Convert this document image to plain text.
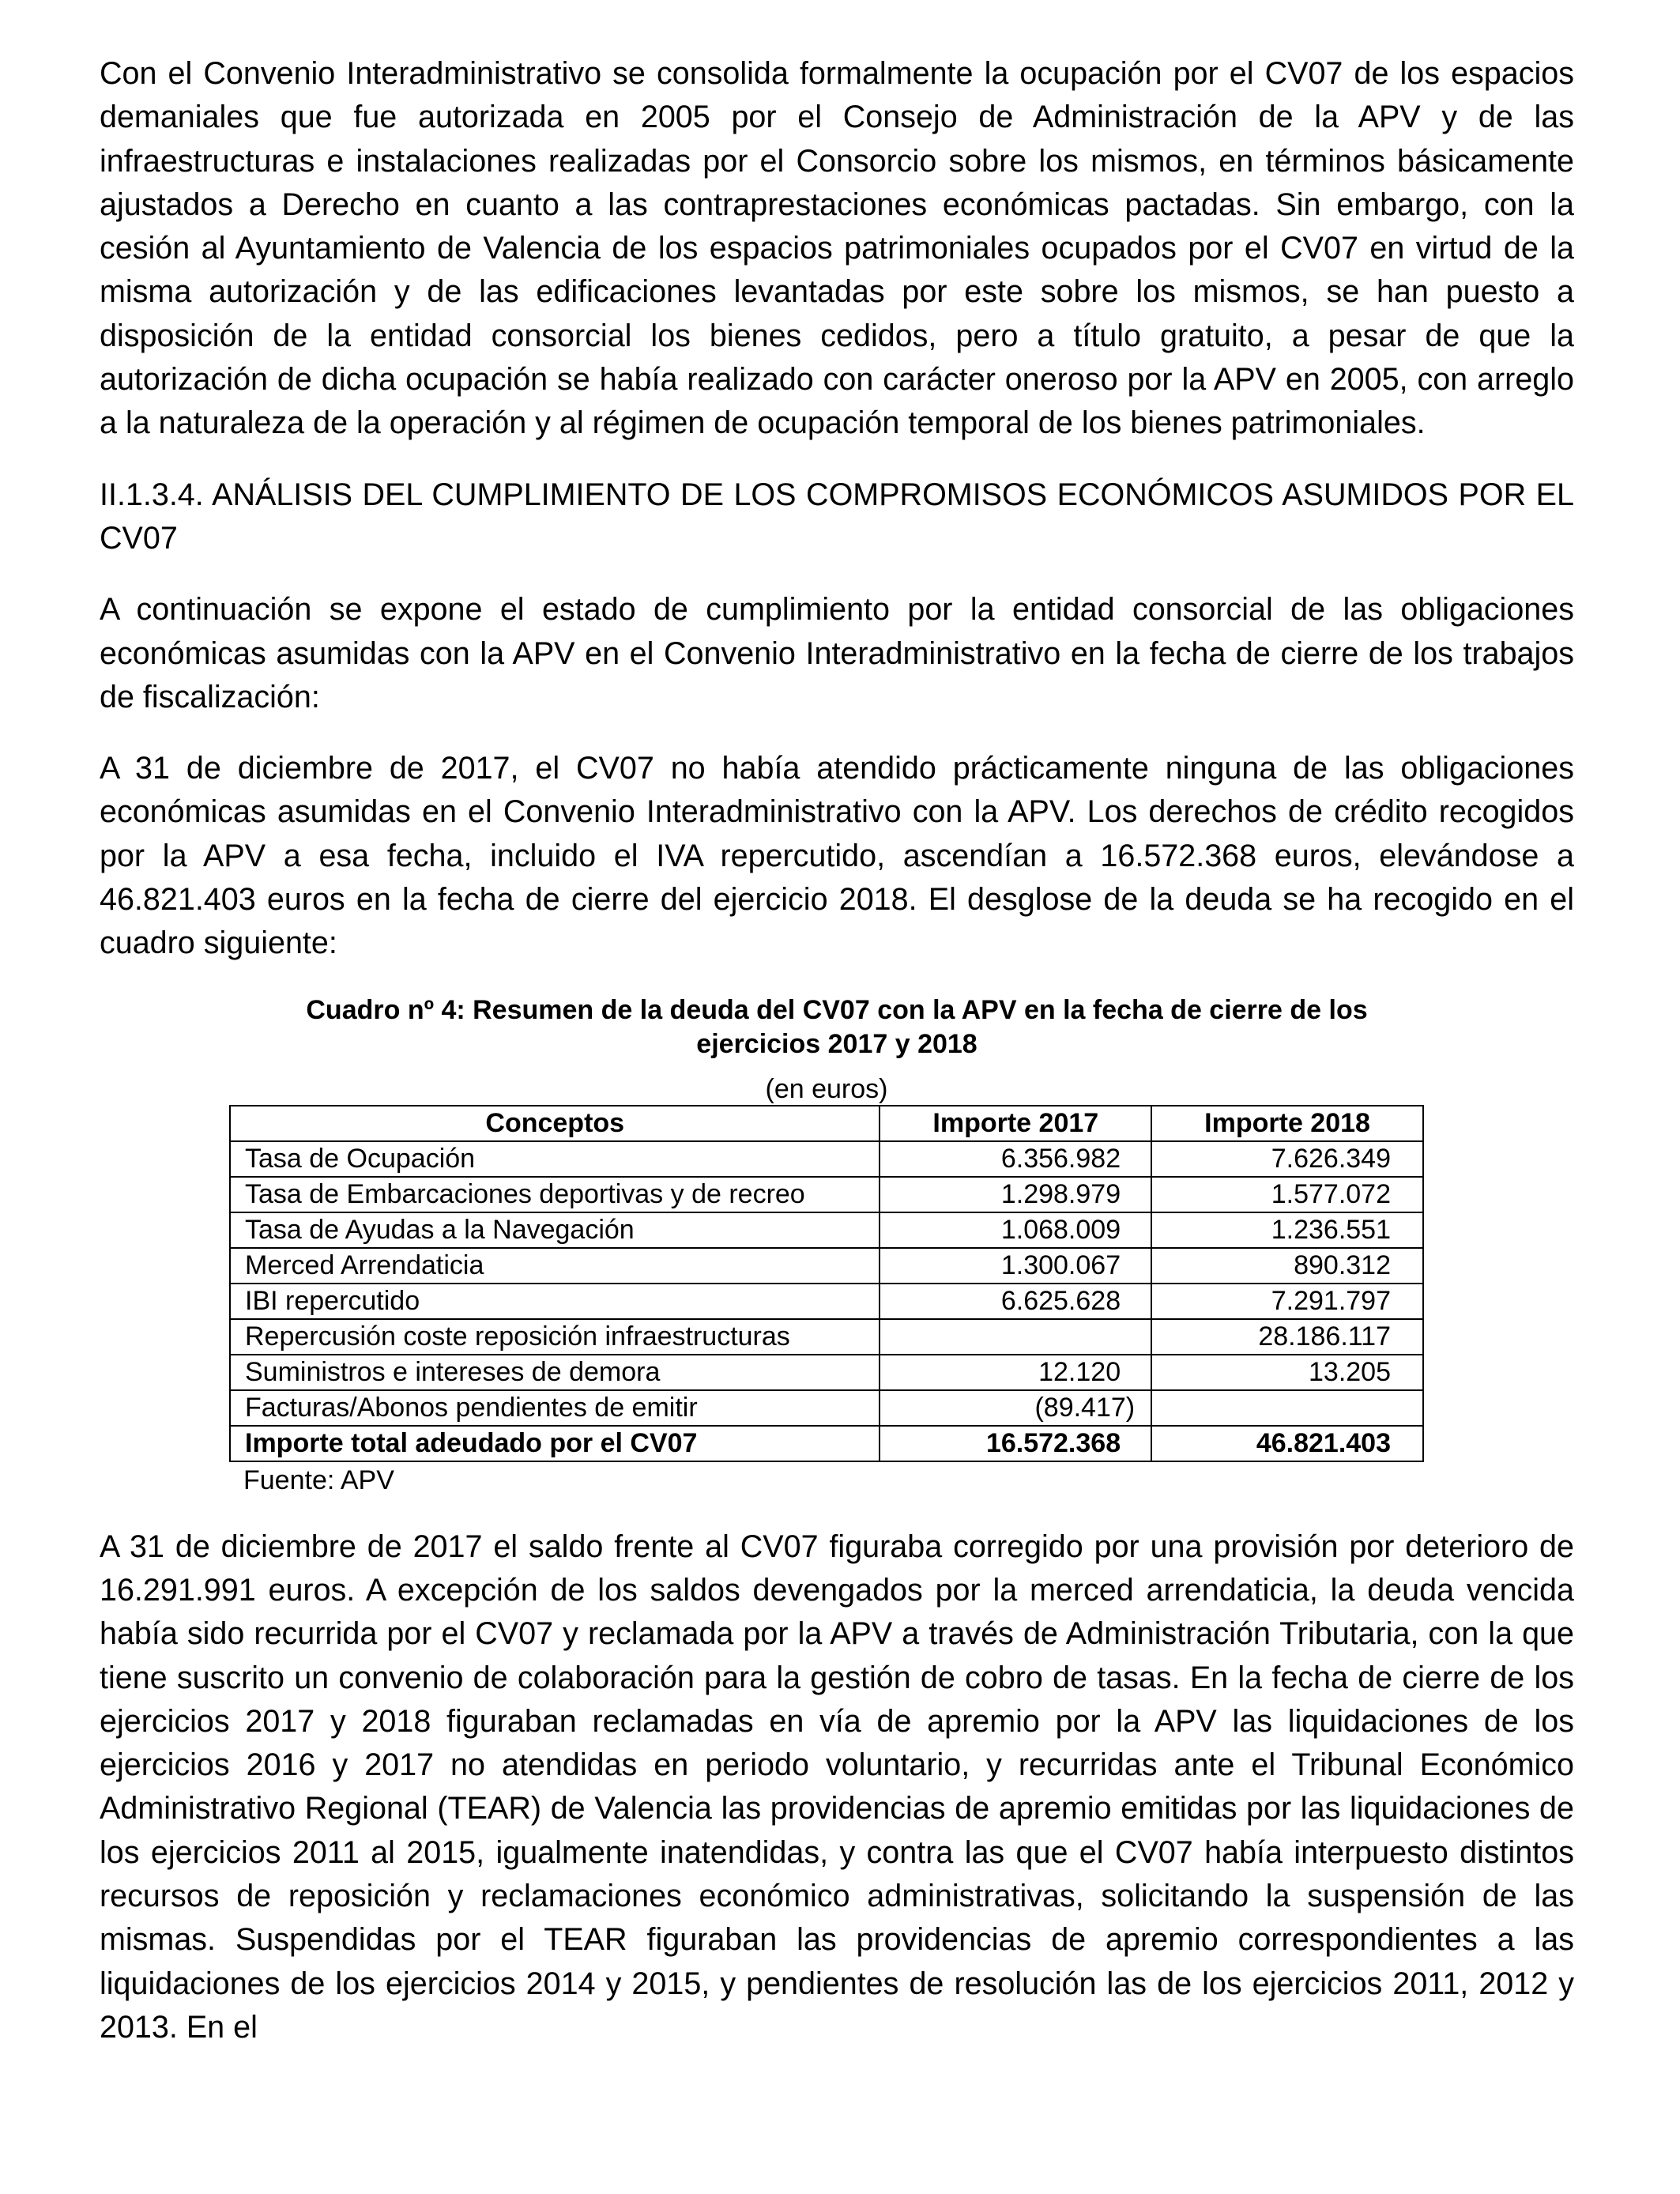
Con el Convenio Interadministrativo se consolida formalmente la ocupación por el CV07 de los espacios demaniales que fue autorizada en 2005 por el Consejo de Administración de la APV y de las infraestructuras e instalaciones realizadas por el Consorcio sobre los mismos, en términos básicamente ajustados a Derecho en cuanto a las contraprestaciones económicas pactadas. Sin embargo, con la cesión al Ayuntamiento de Valencia de los espacios patrimoniales ocupados por el CV07 en virtud de la misma autorización y de las edificaciones levantadas por este sobre los mismos, se han puesto a disposición de la entidad consorcial los bienes cedidos, pero a título gratuito, a pesar de que la autorización de dicha ocupación se había realizado con carácter oneroso por la APV en 2005, con arreglo a la naturaleza de la operación y al régimen de ocupación temporal de los bienes patrimoniales.

II.1.3.4. ANÁLISIS DEL CUMPLIMIENTO DE LOS COMPROMISOS ECONÓMICOS ASUMIDOS POR EL CV07

A continuación se expone el estado de cumplimiento por la entidad consorcial de las obligaciones económicas asumidas con la APV en el Convenio Interadministrativo en la fecha de cierre de los trabajos de fiscalización:

A 31 de diciembre de 2017, el CV07 no había atendido prácticamente ninguna de las obligaciones económicas asumidas en el Convenio Interadministrativo con la APV. Los derechos de crédito recogidos por la APV a esa fecha, incluido el IVA repercutido, ascendían a 16.572.368 euros, elevándose a 46.821.403 euros en la fecha de cierre del ejercicio 2018. El desglose de la deuda se ha recogido en el cuadro siguiente:

Cuadro nº 4: Resumen de la deuda del CV07 con la APV en la fecha de cierre de los
ejercicios 2017 y 2018
(en euros)
Conceptos	Importe 2017	Importe 2018
Tasa de Ocupación	6.356.982	7.626.349
Tasa de Embarcaciones deportivas y de recreo	1.298.979	1.577.072
Tasa de Ayudas a la Navegación	1.068.009	1.236.551
Merced Arrendaticia	1.300.067	890.312
IBI repercutido	6.625.628	7.291.797
Repercusión coste reposición infraestructuras		28.186.117
Suministros e intereses de demora	12.120	13.205
Facturas/Abonos pendientes de emitir	(89.417)	
Importe total adeudado por el CV07	16.572.368	46.821.403
Fuente: APV

A 31 de diciembre de 2017 el saldo frente al CV07 figuraba corregido por una provisión por deterioro de 16.291.991 euros. A excepción de los saldos devengados por la merced arrendaticia, la deuda vencida había sido recurrida por el CV07 y reclamada por la APV a través de Administración Tributaria, con la que tiene suscrito un convenio de colaboración para la gestión de cobro de tasas. En la fecha de cierre de los ejercicios 2017 y 2018 figuraban reclamadas en vía de apremio por la APV las liquidaciones de los ejercicios 2016 y 2017 no atendidas en periodo voluntario, y recurridas ante el Tribunal Económico Administrativo Regional (TEAR) de Valencia las providencias de apremio emitidas por las liquidaciones de los ejercicios 2011 al 2015, igualmente inatendidas, y contra las que el CV07 había interpuesto distintos recursos de reposición y reclamaciones económico administrativas, solicitando la suspensión de las mismas. Suspendidas por el TEAR figuraban las providencias de apremio correspondientes a las liquidaciones de los ejercicios 2014 y 2015, y pendientes de resolución las de los ejercicios 2011, 2012 y 2013. En el
